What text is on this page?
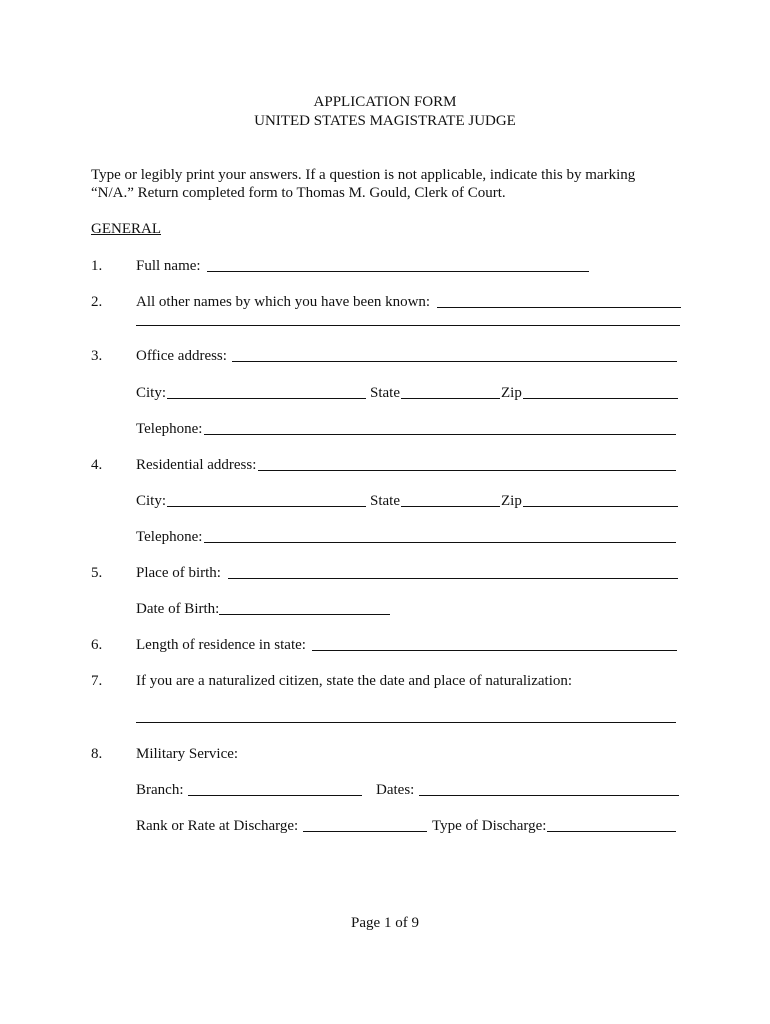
APPLICATION FORM
UNITED STATES MAGISTRATE JUDGE
Type or legibly print your answers. If a question is not applicable, indicate this by marking
“N/A.” Return completed form to Thomas M. Gould, Clerk of Court.
GENERAL
1. Full name:
2. All other names by which you have been known:
3. Office address:
City:	State	Zip
Telephone:
4. Residential address:
City:	State	Zip
Telephone:
5. Place of birth:
Date of Birth:
6. Length of residence in state:
7. If you are a naturalized citizen, state the date and place of naturalization:
8. Military Service:
Branch:	Dates:
Rank or Rate at Discharge:	Type of Discharge:
Page 1 of 9
